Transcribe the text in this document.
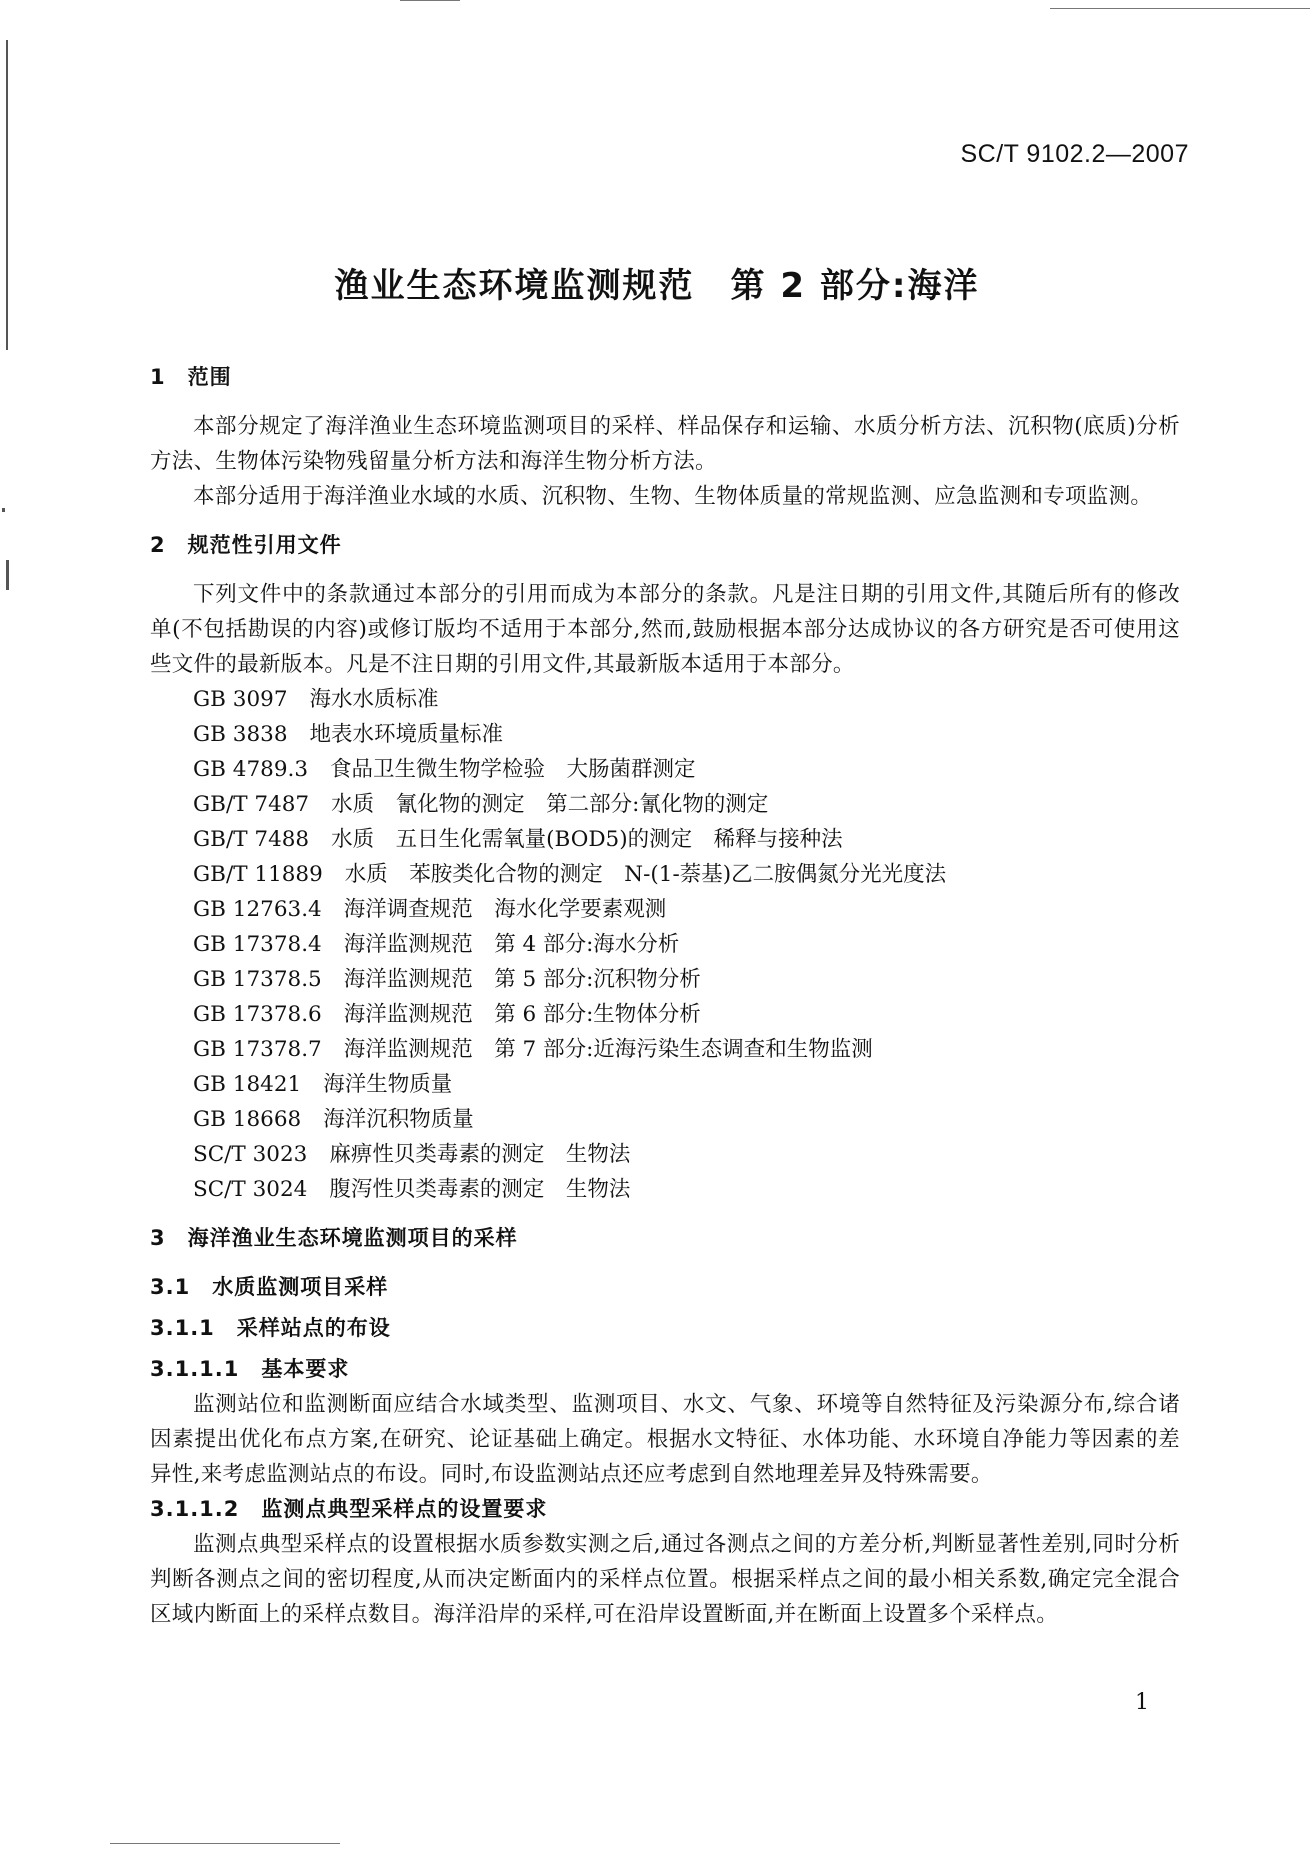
SC/T 9102.2—2007
渔业生态环境监测规范　第 2 部分:海洋
1 范围

本部分规定了海洋渔业生态环境监测项目的采样、样品保存和运输、水质分析方法、沉积物(底质)分析方法、生物体污染物残留量分析方法和海洋生物分析方法。

本部分适用于海洋渔业水域的水质、沉积物、生物、生物体质量的常规监测、应急监测和专项监测。

2 规范性引用文件

下列文件中的条款通过本部分的引用而成为本部分的条款。凡是注日期的引用文件,其随后所有的修改单(不包括勘误的内容)或修订版均不适用于本部分,然而,鼓励根据本部分达成协议的各方研究是否可使用这些文件的最新版本。凡是不注日期的引用文件,其最新版本适用于本部分。

GB 3097 海水水质标准
GB 3838 地表水环境质量标准
GB 4789.3 食品卫生微生物学检验　大肠菌群测定
GB/T 7487 水质　氰化物的测定　第二部分:氰化物的测定
GB/T 7488 水质　五日生化需氧量(BOD5)的测定　稀释与接种法
GB/T 11889 水质　苯胺类化合物的测定　N-(1-萘基)乙二胺偶氮分光光度法
GB 12763.4 海洋调查规范　海水化学要素观测
GB 17378.4 海洋监测规范　第 4 部分:海水分析
GB 17378.5 海洋监测规范　第 5 部分:沉积物分析
GB 17378.6 海洋监测规范　第 6 部分:生物体分析
GB 17378.7 海洋监测规范　第 7 部分:近海污染生态调查和生物监测
GB 18421 海洋生物质量
GB 18668 海洋沉积物质量
SC/T 3023 麻痹性贝类毒素的测定　生物法
SC/T 3024 腹泻性贝类毒素的测定　生物法
3 海洋渔业生态环境监测项目的采样
3.1 水质监测项目采样
3.1.1 采样站点的布设
3.1.1.1 基本要求

监测站位和监测断面应结合水域类型、监测项目、水文、气象、环境等自然特征及污染源分布,综合诸因素提出优化布点方案,在研究、论证基础上确定。根据水文特征、水体功能、水环境自净能力等因素的差异性,来考虑监测站点的布设。同时,布设监测站点还应考虑到自然地理差异及特殊需要。

3.1.1.2 监测点典型采样点的设置要求

监测点典型采样点的设置根据水质参数实测之后,通过各测点之间的方差分析,判断显著性差别,同时分析判断各测点之间的密切程度,从而决定断面内的采样点位置。根据采样点之间的最小相关系数,确定完全混合区域内断面上的采样点数目。海洋沿岸的采样,可在沿岸设置断面,并在断面上设置多个采样点。

1
